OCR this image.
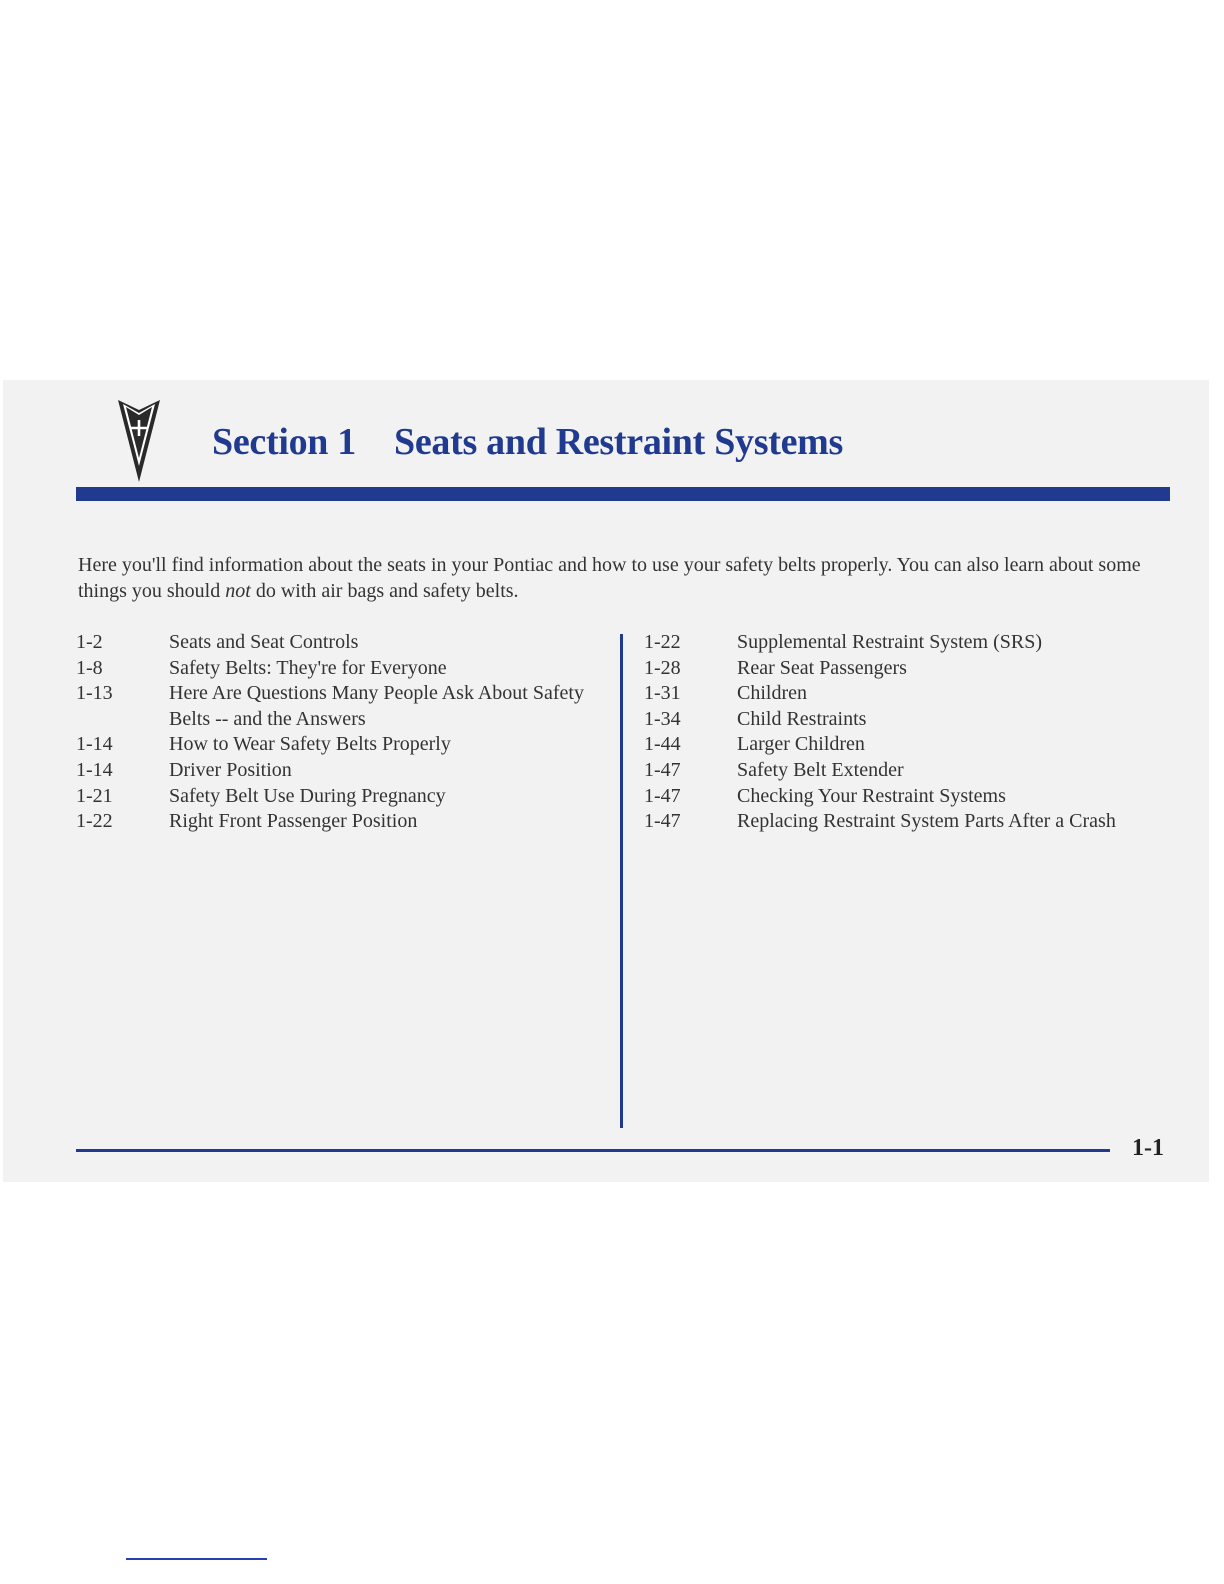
Section 1 Seats and Restraint Systems

Here you'll find information about the seats in your Pontiac and how to use your safety belts properly. You can also learn about some things you should not do with air bags and safety belts.

1-2	Seats and Seat Controls
1-8	Safety Belts: They're for Everyone
1-13	Here Are Questions Many People Ask About Safety Belts -- and the Answers
1-14	How to Wear Safety Belts Properly
1-14	Driver Position
1-21	Safety Belt Use During Pregnancy
1-22	Right Front Passenger Position
1-22	Supplemental Restraint System (SRS)
1-28	Rear Seat Passengers
1-31	Children
1-34	Child Restraints
1-44	Larger Children
1-47	Safety Belt Extender
1-47	Checking Your Restraint Systems
1-47	Replacing Restraint System Parts After a Crash
1-1
